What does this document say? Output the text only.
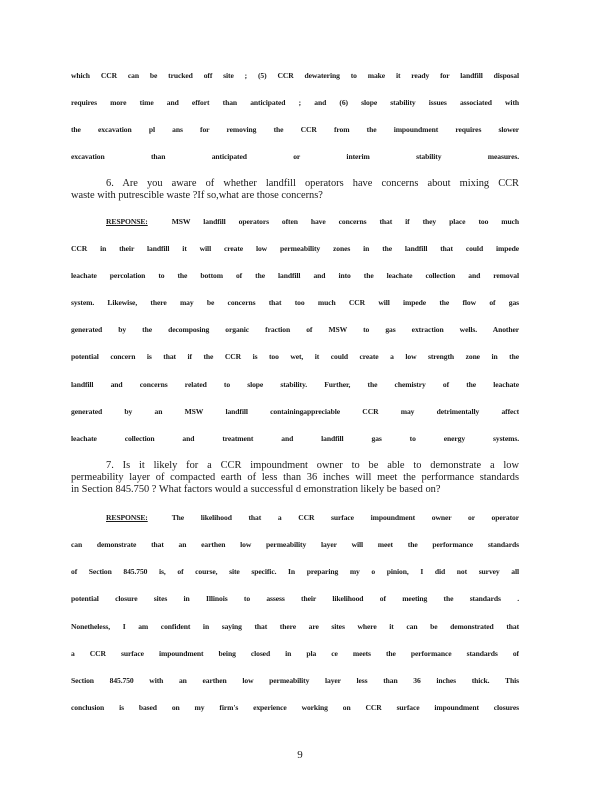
which CCR can be trucked off site ; (5) CCR dewatering to make it ready for landfill disposal
requires more time and effort than anticipated ; and (6) slope stability issues associated with
the excavation pl ans for removing the CCR from the impoundment requires slower
excavation than anticipated or interim stability measures.
6. Are you aware of whether landfill operators have concerns about mixing CCR
waste with putrescible waste ?If so,what are those concerns?
RESPONSE:	MSW landfill operators often have concerns that if they place too much
CCR in their landfill it will create low permeability zones in the landfill that could impede
leachate percolation to the bottom of the landfill and into the leachate collection and removal
system. Likewise, there may be concerns that too much CCR will impede the flow of gas
generated by the decomposing organic fraction of MSW to gas extraction wells. Another
potential concern is that if the CCR is too wet, it could create a low strength zone in the
landfill and concerns related to slope stability. Further, the chemistry of the leachate
generated by an MSW landfill containingappreciable CCR may detrimentally affect
leachate collection and treatment and landfill gas to energy systems.
7. Is it likely for a CCR impoundment owner to be able to demonstrate a low
permeability layer of compacted earth of less than 36 inches will meet the performance standards
in Section 845.750 ? What factors would a successful d emonstration likely be based on?
RESPONSE:	The likelihood that a CCR surface impoundment owner or operator
can demonstrate that an earthen low permeability layer will meet the performance standards
of Section 845.750 is, of course, site specific. In preparing my o pinion, I did not survey all
potential closure sites in Illinois to assess their likelihood of meeting the standards .
Nonetheless, I am confident in saying that there are sites where it can be demonstrated that
a CCR surface impoundment being closed in pla ce meets the performance standards of
Section 845.750 with an earthen low permeability layer less than 36 inches thick. This
conclusion is based on my firm's experience working on CCR surface impoundment closures
9
